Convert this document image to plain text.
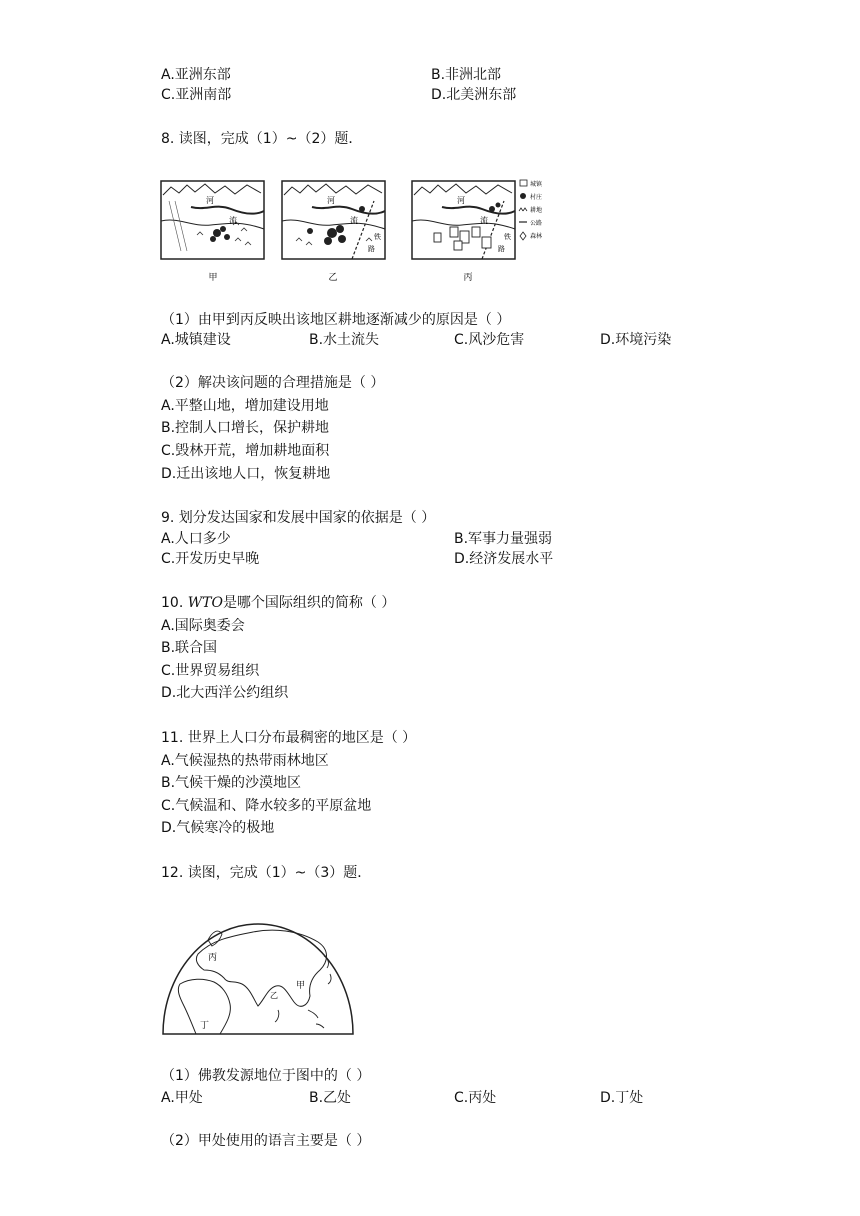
A.亚洲东部	B.非洲北部
C.亚洲南部	D.北美洲东部
8. 读图，完成（1）~（2）题．
河
流
甲
河
流
铁
路
乙
河
流
铁
路
丙
城镇
村庄
耕地
公路
森林
（1）由甲到丙反映出该地区耕地逐渐减少的原因是（ ）
A.城镇建设	B.水土流失	C.风沙危害	D.环境污染
（2）解决该问题的合理措施是（ ）
A.平整山地，增加建设用地
B.控制人口增长，保护耕地
C.毁林开荒，增加耕地面积
D.迁出该地人口，恢复耕地
9. 划分发达国家和发展中国家的依据是（ ）
A.人口多少	B.军事力量强弱
C.开发历史早晚	D.经济发展水平
10. WTO是哪个国际组织的简称（ ）
A.国际奥委会
B.联合国
C.世界贸易组织
D.北大西洋公约组织
11. 世界上人口分布最稠密的地区是（ ）
A.气候湿热的热带雨林地区
B.气候干燥的沙漠地区
C.气候温和、降水较多的平原盆地
D.气候寒冷的极地
12. 读图，完成（1）~（3）题．
丙
甲
乙
丁
（1）佛教发源地位于图中的（ ）
A.甲处	B.乙处	C.丙处	D.丁处
（2）甲处使用的语言主要是（ ）
